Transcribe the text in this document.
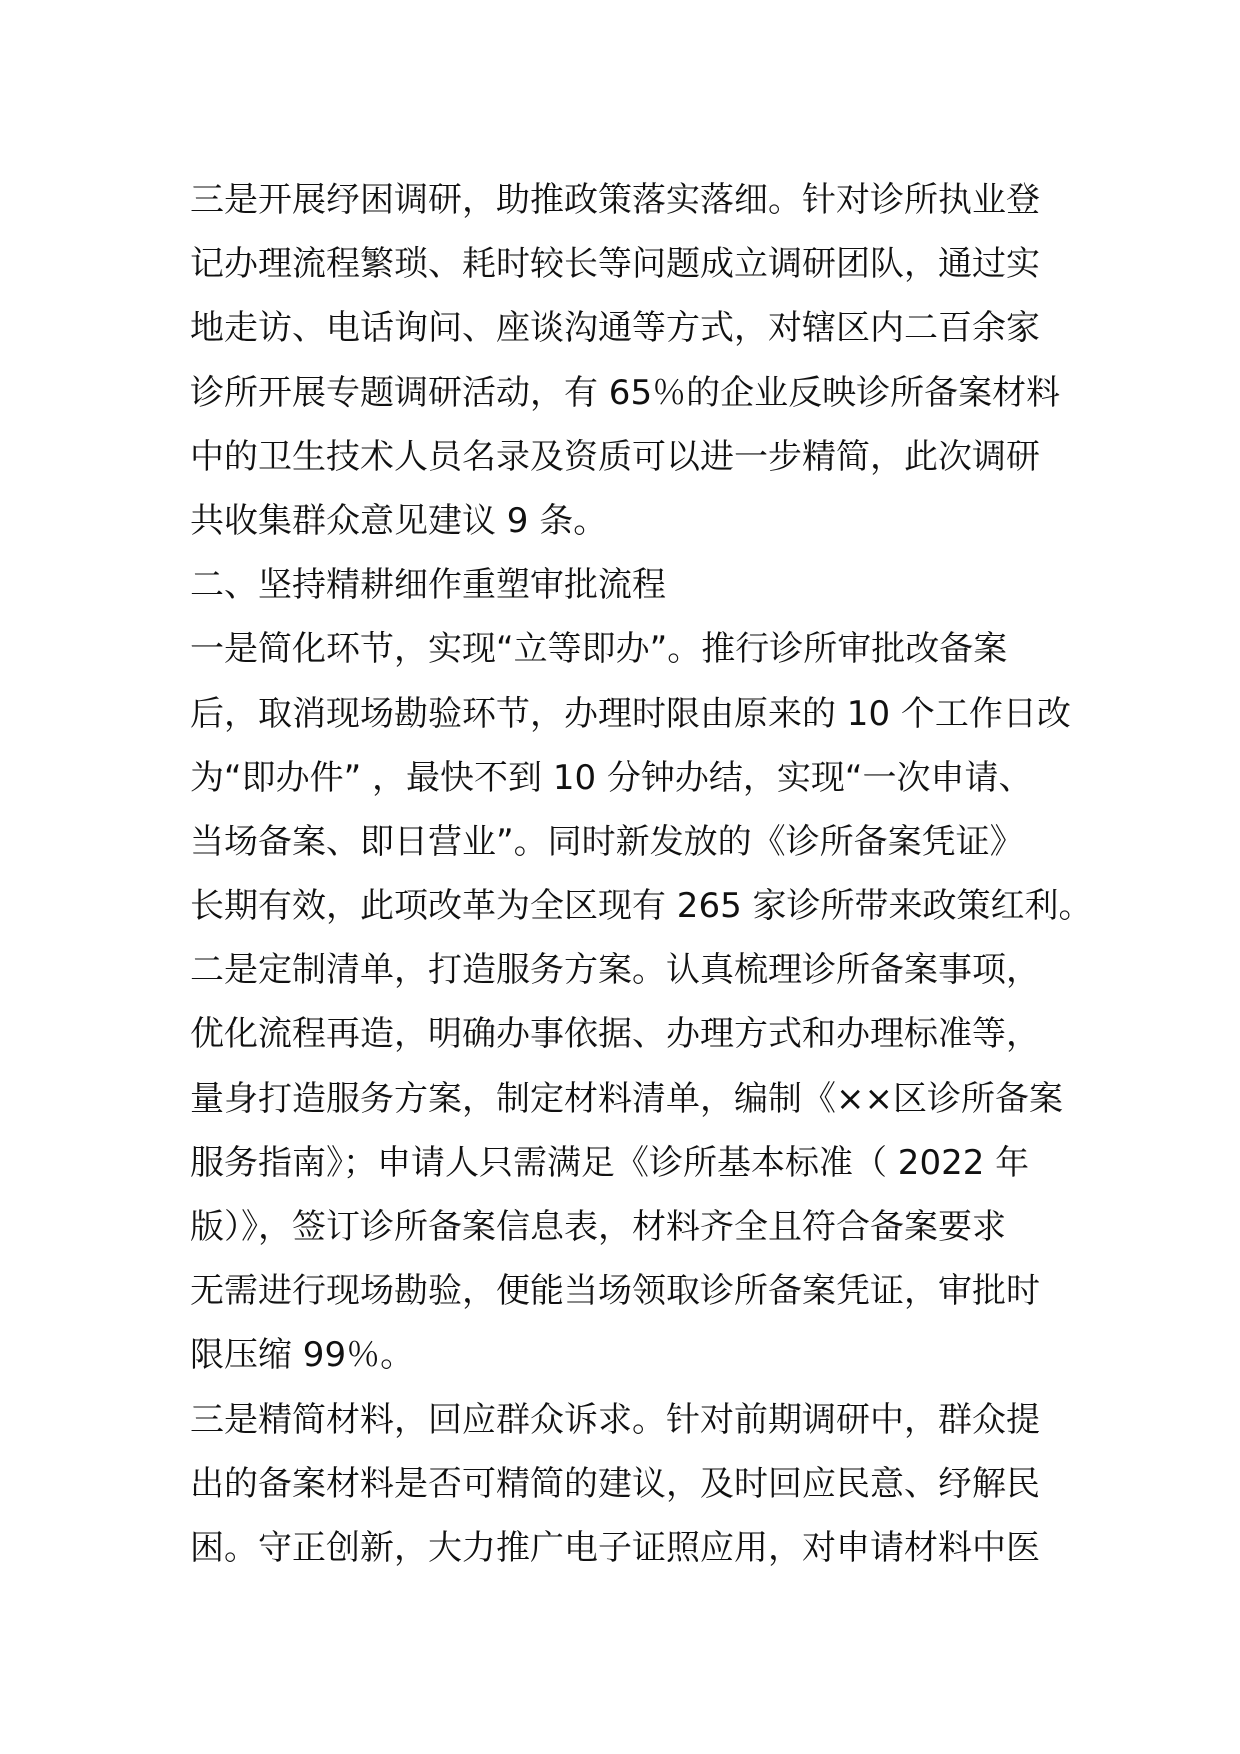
三是开展纾困调研，助推政策落实落细。针对诊所执业登
记办理流程繁琐、耗时较长等问题成立调研团队，通过实
地走访、电话询问、座谈沟通等方式，对辖区内二百余家
诊所开展专题调研活动，有 65％的企业反映诊所备案材料
中的卫生技术人员名录及资质可以进一步精简，此次调研
共收集群众意见建议 9 条。
二、坚持精耕细作重塑审批流程
一是简化环节，实现“立等即办”。推行诊所审批改备案
后，取消现场勘验环节，办理时限由原来的 10 个工作日改
为“即办件” ，最快不到 10 分钟办结，实现“一次申请、
当场备案、即日营业”。同时新发放的《诊所备案凭证》
长期有效，此项改革为全区现有 265 家诊所带来政策红利。
二是定制清单，打造服务方案。认真梳理诊所备案事项，
优化流程再造，明确办事依据、办理方式和办理标准等，
量身打造服务方案，制定材料清单，编制《××区诊所备案
服务指南》；申请人只需满足《诊所基本标准（ 2022 年
版）》，签订诊所备案信息表，材料齐全且符合备案要求
无需进行现场勘验，便能当场领取诊所备案凭证，审批时
限压缩 99％。
三是精简材料，回应群众诉求。针对前期调研中，群众提
出的备案材料是否可精简的建议，及时回应民意、纾解民
困。守正创新，大力推广电子证照应用，对申请材料中医
